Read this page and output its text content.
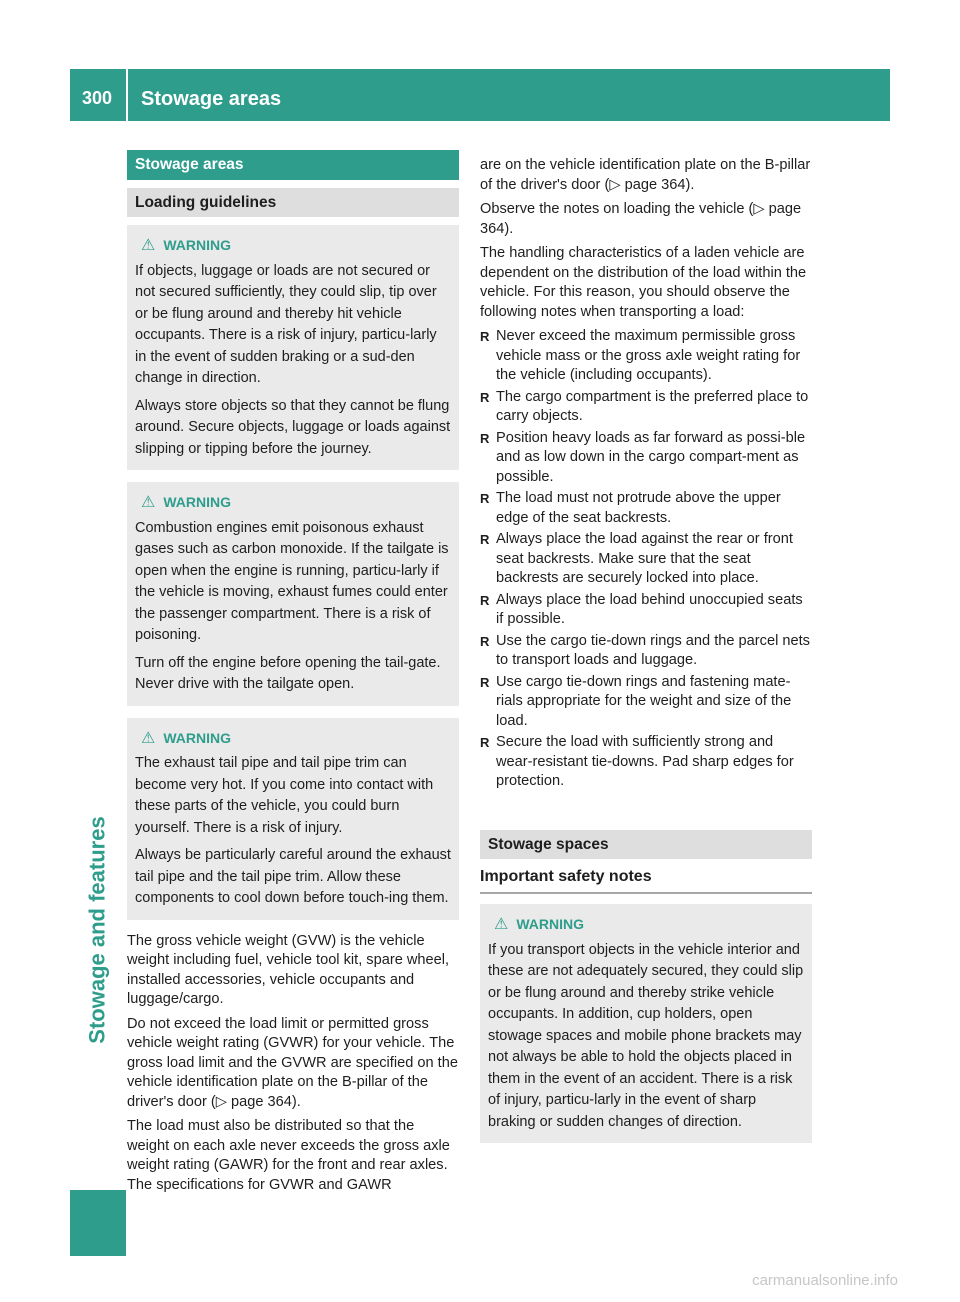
300 Stowage areas
Stowage and features
Stowage areas
Loading guidelines
⚠ WARNING

If objects, luggage or loads are not secured or not secured sufficiently, they could slip, tip over or be flung around and thereby hit vehicle occupants. There is a risk of injury, particu-larly in the event of sudden braking or a sud-den change in direction.

Always store objects so that they cannot be flung around. Secure objects, luggage or loads against slipping or tipping before the journey.

⚠ WARNING

Combustion engines emit poisonous exhaust gases such as carbon monoxide. If the tailgate is open when the engine is running, particu-larly if the vehicle is moving, exhaust fumes could enter the passenger compartment. There is a risk of poisoning.

Turn off the engine before opening the tail-gate. Never drive with the tailgate open.

⚠ WARNING

The exhaust tail pipe and tail pipe trim can become very hot. If you come into contact with these parts of the vehicle, you could burn yourself. There is a risk of injury.

Always be particularly careful around the exhaust tail pipe and the tail pipe trim. Allow these components to cool down before touch-ing them.

The gross vehicle weight (GVW) is the vehicle weight including fuel, vehicle tool kit, spare wheel, installed accessories, vehicle occupants and luggage/cargo.

Do not exceed the load limit or permitted gross vehicle weight rating (GVWR) for your vehicle. The gross load limit and the GVWR are specified on the vehicle identification plate on the B-pillar of the driver's door (▷ page 364).

The load must also be distributed so that the weight on each axle never exceeds the gross axle weight rating (GAWR) for the front and rear axles. The specifications for GVWR and GAWR

are on the vehicle identification plate on the B-pillar of the driver's door (▷ page 364).

Observe the notes on loading the vehicle (▷ page 364).

The handling characteristics of a laden vehicle are dependent on the distribution of the load within the vehicle. For this reason, you should observe the following notes when transporting a load:

R Never exceed the maximum permissible gross vehicle mass or the gross axle weight rating for the vehicle (including occupants).
R The cargo compartment is the preferred place to carry objects.
R Position heavy loads as far forward as possi-ble and as low down in the cargo compart-ment as possible.
R The load must not protrude above the upper edge of the seat backrests.
R Always place the load against the rear or front seat backrests. Make sure that the seat backrests are securely locked into place.
R Always place the load behind unoccupied seats if possible.
R Use the cargo tie-down rings and the parcel nets to transport loads and luggage.
R Use cargo tie-down rings and fastening mate-rials appropriate for the weight and size of the load.
R Secure the load with sufficiently strong and wear-resistant tie-downs. Pad sharp edges for protection.
Stowage spaces
Important safety notes
⚠ WARNING

If you transport objects in the vehicle interior and these are not adequately secured, they could slip or be flung around and thereby strike vehicle occupants. In addition, cup holders, open stowage spaces and mobile phone brackets may not always be able to hold the objects placed in them in the event of an accident. There is a risk of injury, particu-larly in the event of sharp braking or sudden changes of direction.

carmanualsonline.info
